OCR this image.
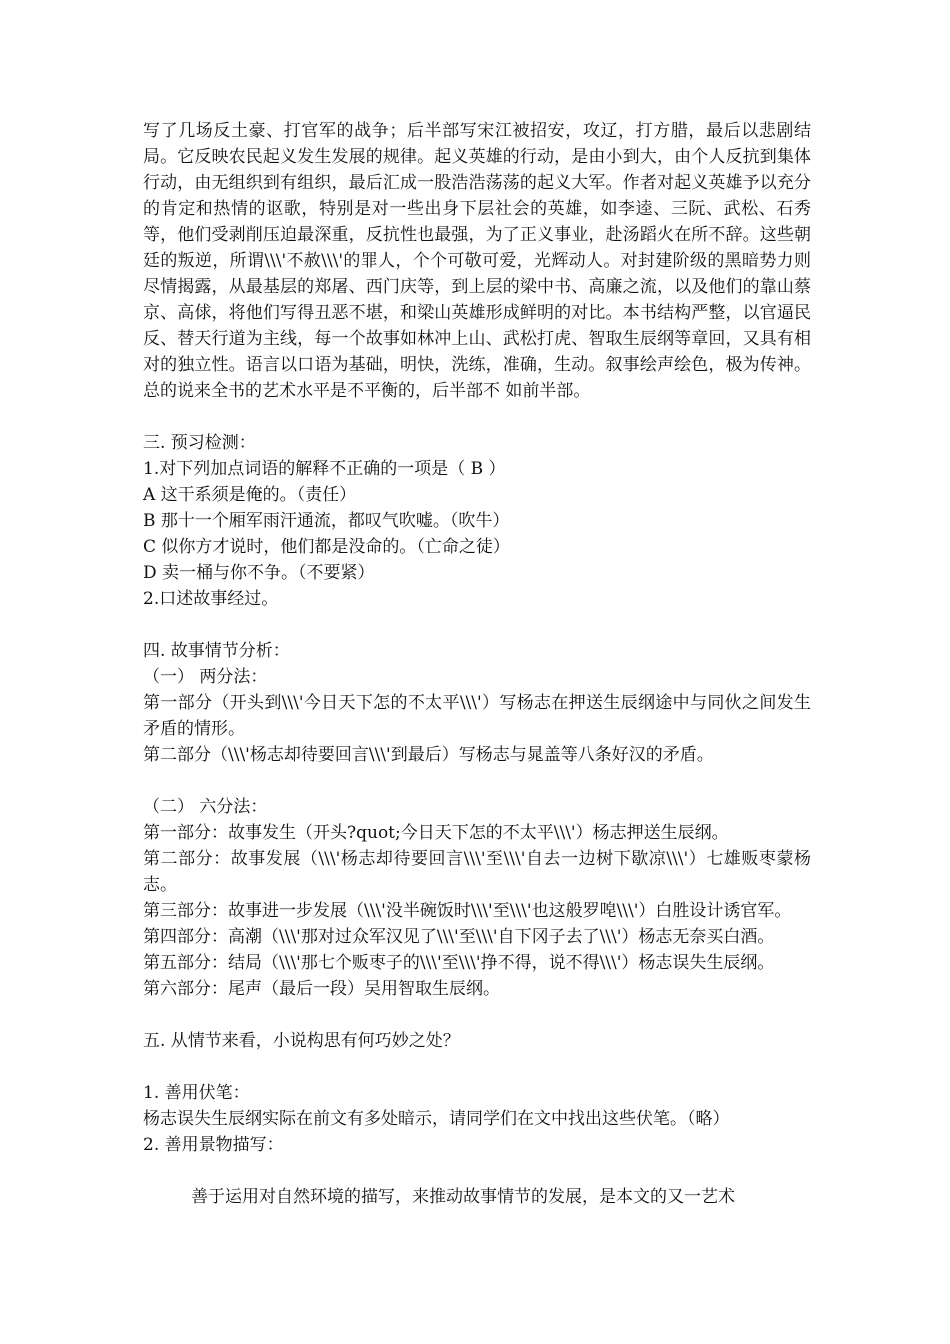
写了几场反土豪、打官军的战争；后半部写宋江被招安，攻辽，打方腊，最后以悲剧结局。它反映农民起义发生发展的规律。起义英雄的行动，是由小到大，由个人反抗到集体行动，由无组织到有组织，最后汇成一股浩浩荡荡的起义大军。作者对起义英雄予以充分的肯定和热情的讴歌，特别是对一些出身下层社会的英雄，如李逵、三阮、武松、石秀等，他们受剥削压迫最深重，反抗性也最强，为了正义事业，赴汤蹈火在所不辞。这些朝廷的叛逆，所谓\\\'不赦\\\'的罪人，个个可敬可爱，光辉动人。对封建阶级的黑暗势力则尽情揭露，从最基层的郑屠、西门庆等，到上层的梁中书、高廉之流，以及他们的靠山蔡京、高俅，将他们写得丑恶不堪，和梁山英雄形成鲜明的对比。本书结构严整，以官逼民反、替天行道为主线，每一个故事如林冲上山、武松打虎、智取生辰纲等章回，又具有相对的独立性。语言以口语为基础，明快，洗练，准确，生动。叙事绘声绘色，极为传神。总的说来全书的艺术水平是不平衡的，后半部不 如前半部。

三. 预习检测：
1.对下列加点词语的解释不正确的一项是（ B ）
A 这干系须是俺的。（责任）
B 那十一个厢军雨汗通流，都叹气吹嘘。（吹牛）
C 似你方才说时，他们都是没命的。（亡命之徒）
D 卖一桶与你不争。（不要紧）
2.口述故事经过。
四. 故事情节分析：
（一） 两分法：

第一部分（开头到\\\'今日天下怎的不太平\\\'）写杨志在押送生辰纲途中与同伙之间发生矛盾的情形。

第二部分（\\\'杨志却待要回言\\\'到最后）写杨志与晁盖等八条好汉的矛盾。

（二） 六分法：

第一部分：故事发生（开头?quot;今日天下怎的不太平\\\'）杨志押送生辰纲。

第二部分：故事发展（\\\'杨志却待要回言\\\'至\\\'自去一边树下歇凉\\\'）七雄贩枣蒙杨志。

第三部分：故事进一步发展（\\\'没半碗饭时\\\'至\\\'也这般罗唣\\\'）白胜设计诱官军。

第四部分：高潮（\\\'那对过众军汉见了\\\'至\\\'自下冈子去了\\\'）杨志无奈买白酒。

第五部分：结局（\\\'那七个贩枣子的\\\'至\\\'挣不得，说不得\\\'）杨志误失生辰纲。

第六部分：尾声（最后一段）吴用智取生辰纲。

五. 从情节来看，小说构思有何巧妙之处？
1. 善用伏笔：

杨志误失生辰纲实际在前文有多处暗示，请同学们在文中找出这些伏笔。（略）

2. 善用景物描写：

善于运用对自然环境的描写，来推动故事情节的发展，是本文的又一艺术
